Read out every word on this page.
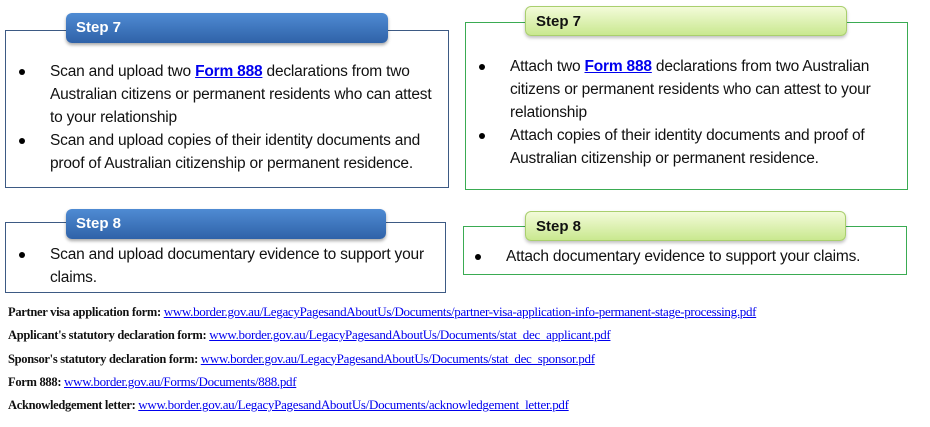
Step 7
Scan and upload two Form 888 declarations from two Australian citizens or permanent residents who can attest to your relationship
Scan and upload copies of their identity documents and proof of Australian citizenship or permanent residence.
Step 7
Attach two Form 888 declarations from two Australian citizens or permanent residents who can attest to your relationship
Attach copies of their identity documents and proof of Australian citizenship or permanent residence.
Step 8
Scan and upload documentary evidence to support your claims.
Step 8
Attach documentary evidence to support your claims.
Partner visa application form: www.border.gov.au/LegacyPagesandAboutUs/Documents/partner-visa-application-info-permanent-stage-processing.pdf
Applicant's statutory declaration form: www.border.gov.au/LegacyPagesandAboutUs/Documents/stat_dec_applicant.pdf
Sponsor's statutory declaration form: www.border.gov.au/LegacyPagesandAboutUs/Documents/stat_dec_sponsor.pdf
Form 888: www.border.gov.au/Forms/Documents/888.pdf
Acknowledgement letter: www.border.gov.au/LegacyPagesandAboutUs/Documents/acknowledgement_letter.pdf
